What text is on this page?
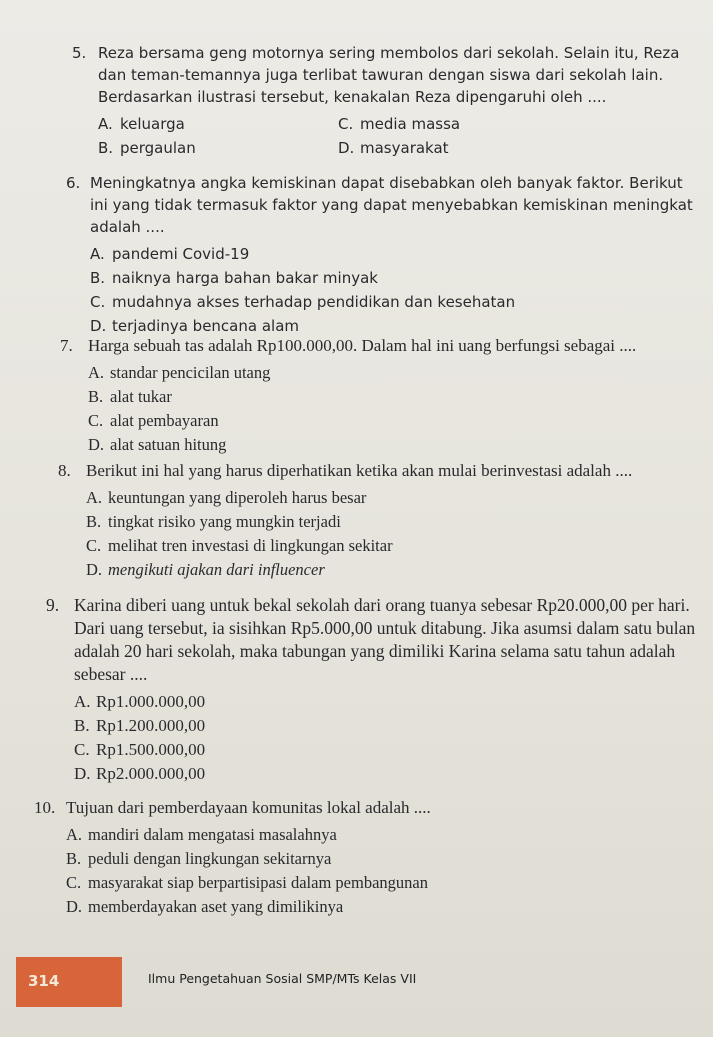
5. Reza bersama geng motornya sering membolos dari sekolah. Selain itu, Reza dan teman-temannya juga terlibat tawuran dengan siswa dari sekolah lain. Berdasarkan ilustrasi tersebut, kenakalan Reza dipengaruhi oleh ....
A. keluarga
B. pergaulan
C. media massa
D. masyarakat
6. Meningkatnya angka kemiskinan dapat disebabkan oleh banyak faktor. Berikut ini yang tidak termasuk faktor yang dapat menyebabkan kemiskinan meningkat adalah ....
A. pandemi Covid-19
B. naiknya harga bahan bakar minyak
C. mudahnya akses terhadap pendidikan dan kesehatan
D. terjadinya bencana alam
7. Harga sebuah tas adalah Rp100.000,00. Dalam hal ini uang berfungsi sebagai ....
A. standar pencicilan utang
B. alat tukar
C. alat pembayaran
D. alat satuan hitung
8. Berikut ini hal yang harus diperhatikan ketika akan mulai berinvestasi adalah ....
A. keuntungan yang diperoleh harus besar
B. tingkat risiko yang mungkin terjadi
C. melihat tren investasi di lingkungan sekitar
D. mengikuti ajakan dari influencer
9. Karina diberi uang untuk bekal sekolah dari orang tuanya sebesar Rp20.000,00 per hari. Dari uang tersebut, ia sisihkan Rp5.000,00 untuk ditabung. Jika asumsi dalam satu bulan adalah 20 hari sekolah, maka tabungan yang dimiliki Karina selama satu tahun adalah sebesar ....
A. Rp1.000.000,00
B. Rp1.200.000,00
C. Rp1.500.000,00
D. Rp2.000.000,00
10. Tujuan dari pemberdayaan komunitas lokal adalah ....
A. mandiri dalam mengatasi masalahnya
B. peduli dengan lingkungan sekitarnya
C. masyarakat siap berpartisipasi dalam pembangunan
D. memberdayakan aset yang dimilikinya
314	Ilmu Pengetahuan Sosial SMP/MTs Kelas VII
